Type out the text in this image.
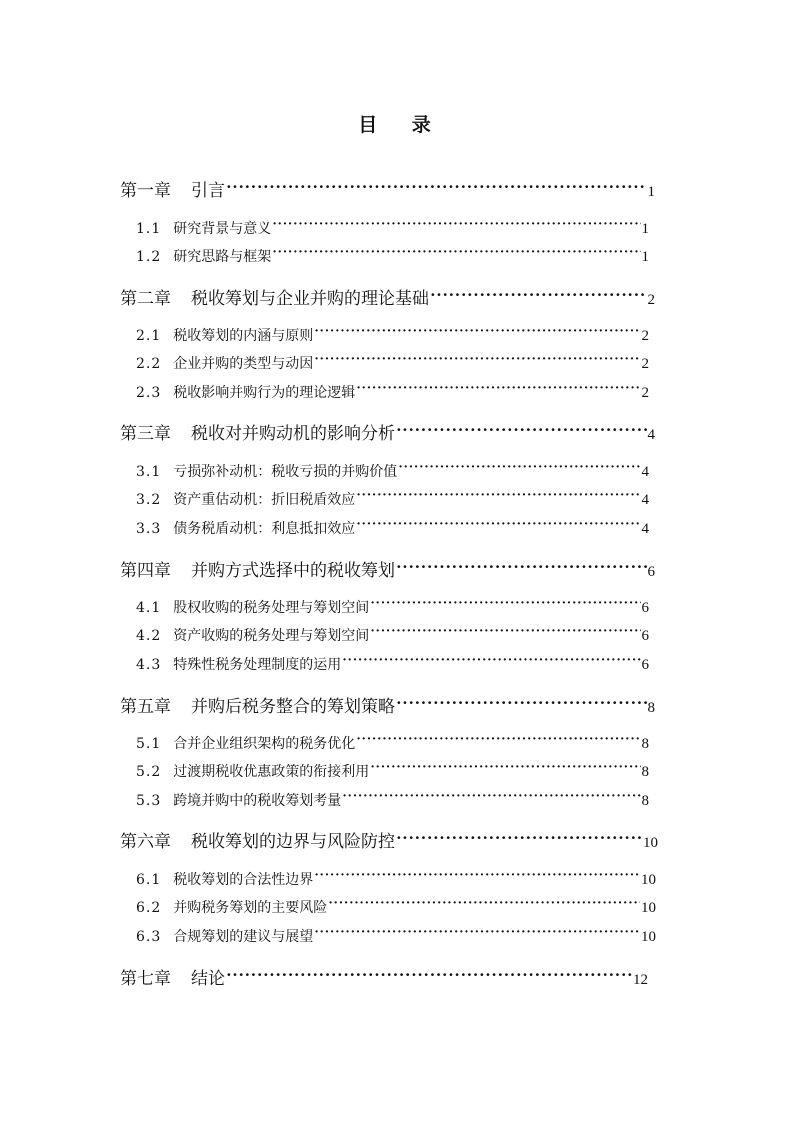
目 录
第一章 引言 ·····	1
1.1 研究背景与意义 ·····	1
1.2 研究思路与框架 ·····	1
第二章 税收筹划与企业并购的理论基础 ·····	2
2.1 税收筹划的内涵与原则 ·····	2
2.2 企业并购的类型与动因 ·····	2
2.3 税收影响并购行为的理论逻辑 ·····	2
第三章 税收对并购动机的影响分析 ·····	4
3.1 亏损弥补动机：税收亏损的并购价值 ·····	4
3.2 资产重估动机：折旧税盾效应 ·····	4
3.3 债务税盾动机：利息抵扣效应 ·····	4
第四章 并购方式选择中的税收筹划 ·····	6
4.1 股权收购的税务处理与筹划空间 ·····	6
4.2 资产收购的税务处理与筹划空间 ·····	6
4.3 特殊性税务处理制度的运用 ·····	6
第五章 并购后税务整合的筹划策略 ·····	8
5.1 合并企业组织架构的税务优化 ·····	8
5.2 过渡期税收优惠政策的衔接利用 ·····	8
5.3 跨境并购中的税收筹划考量 ·····	8
第六章 税收筹划的边界与风险防控 ·····	10
6.1 税收筹划的合法性边界 ·····	10
6.2 并购税务筹划的主要风险 ·····	10
6.3 合规筹划的建议与展望 ·····	10
第七章 结论 ·····	12
